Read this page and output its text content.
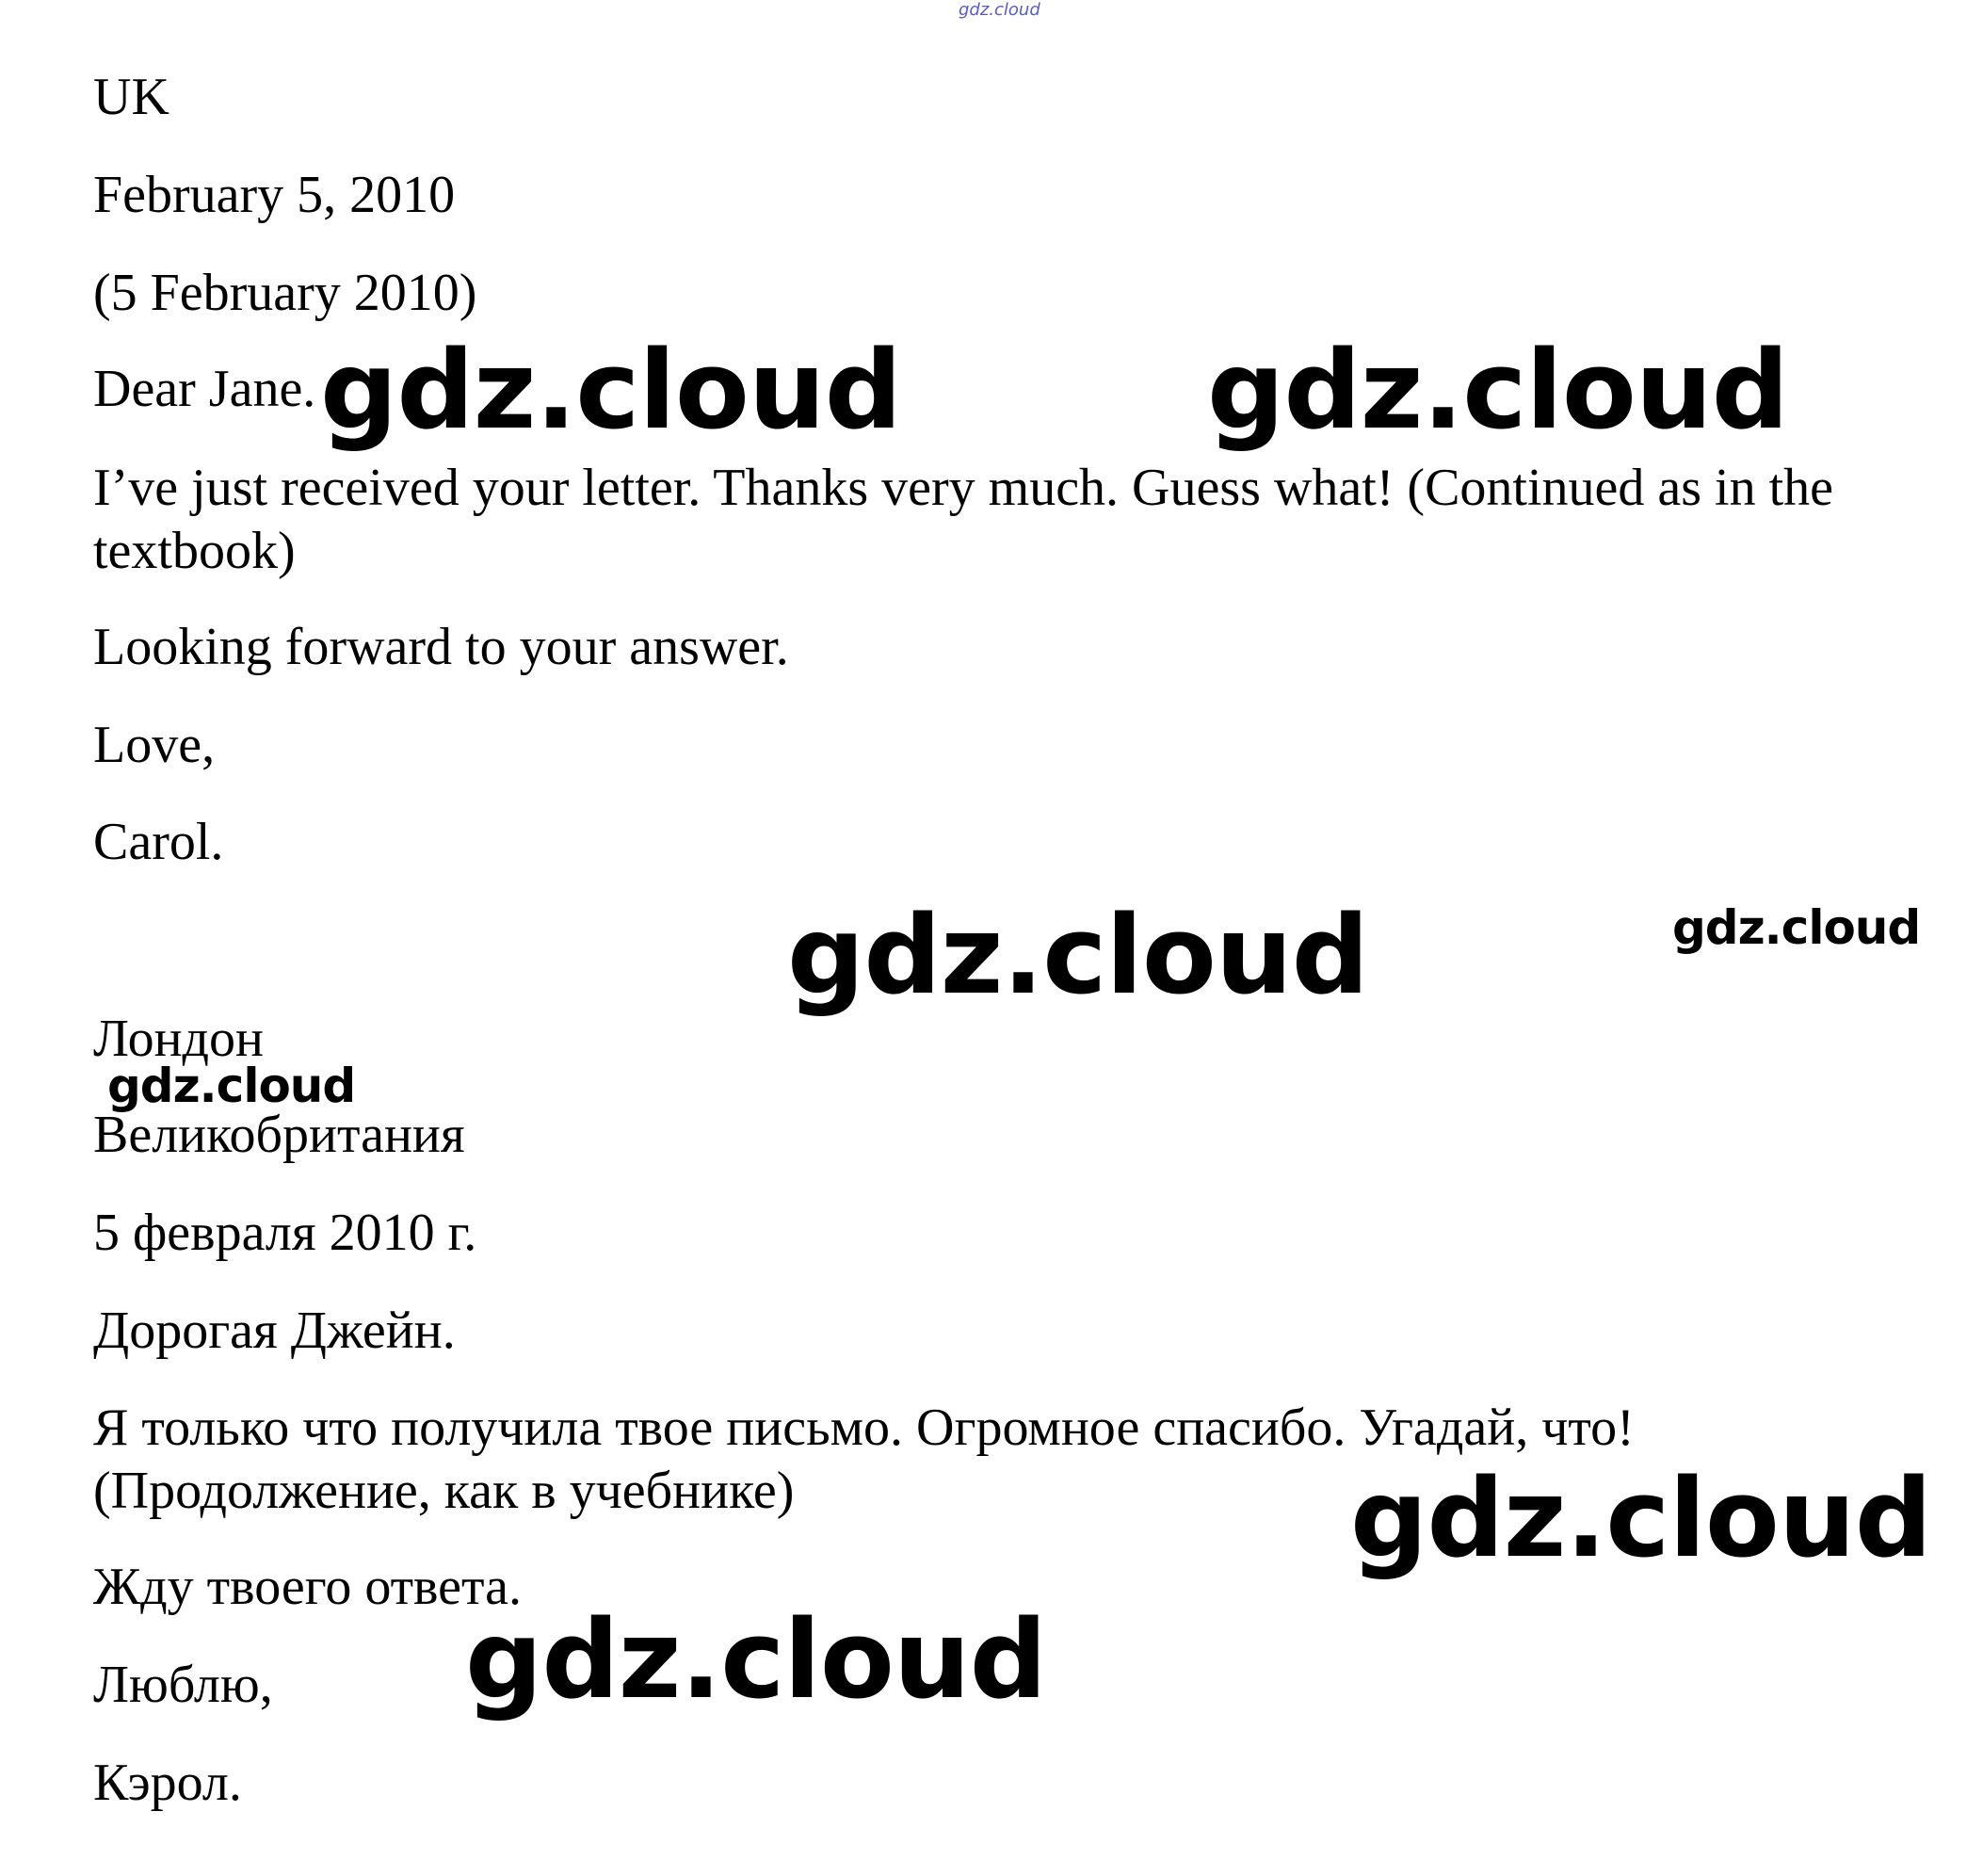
gdz.cloud

UK

February 5, 2010

(5 February 2010)

Dear Jane.

I’ve just received your letter. Thanks very much. Guess what! (Continued as in the textbook)

Looking forward to your answer.

Love,

Carol.

Лондон

Великобритания

5 февраля 2010 г.

Дорогая Джейн.

Я только что получила твое письмо. Огромное спасибо. Угадай, что! (Продолжение, как в учебнике)

Жду твоего ответа.

Люблю,

Кэрол.

gdz.cloud	gdz.cloud
gdz.cloud	gdz.cloud
gdz.cloud
gdz.cloud
gdz.cloud
